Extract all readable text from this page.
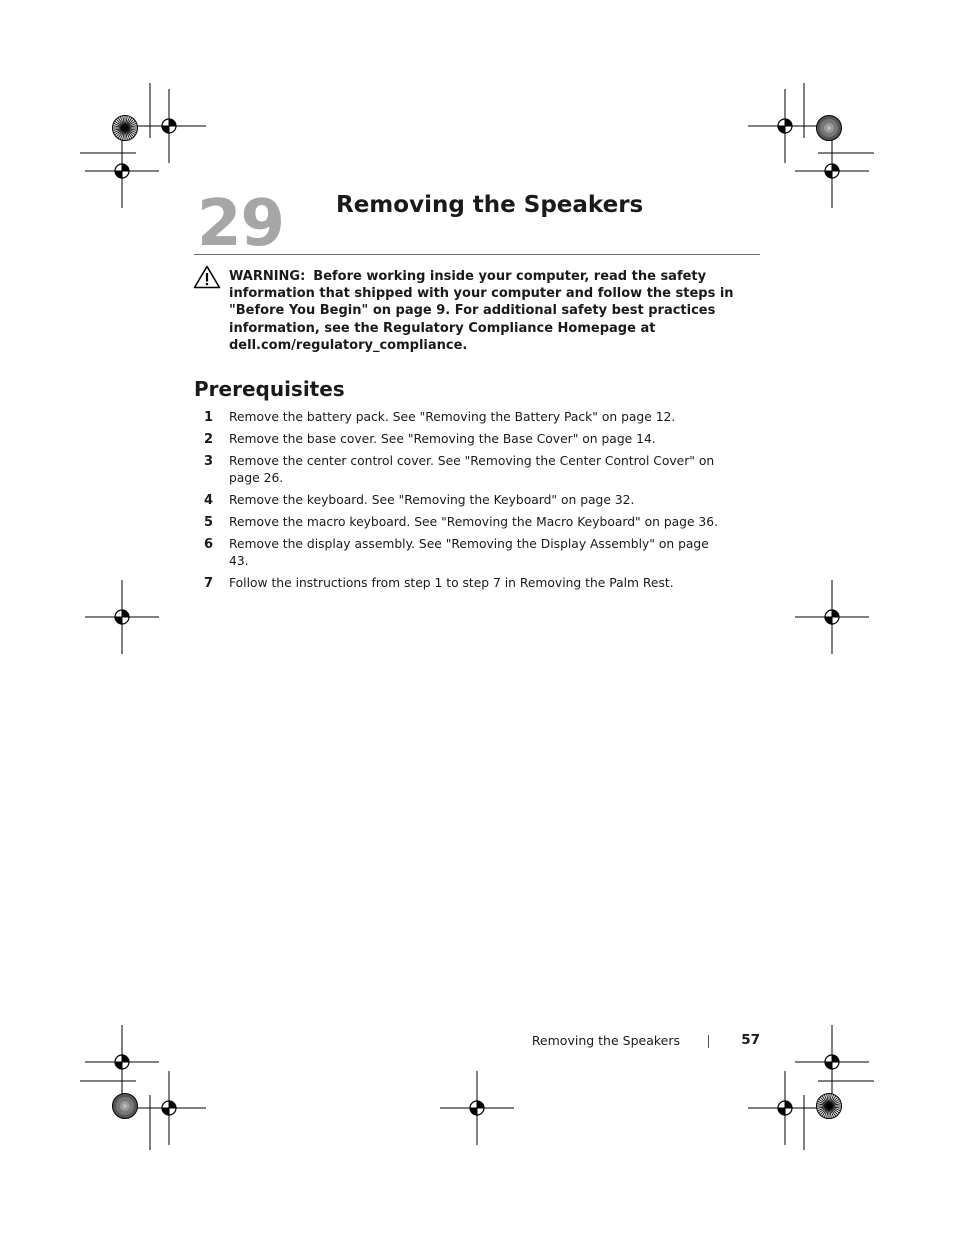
29 Removing the Speakers
WARNING: Before working inside your computer, read the safety information that shipped with your computer and follow the steps in "Before You Begin" on page 9. For additional safety best practices information, see the Regulatory Compliance Homepage at dell.com/regulatory_compliance.
Prerequisites
1 Remove the battery pack. See "Removing the Battery Pack" on page 12.
2 Remove the base cover. See "Removing the Base Cover" on page 14.
3 Remove the center control cover. See "Removing the Center Control Cover" on page 26.
4 Remove the keyboard. See "Removing the Keyboard" on page 32.
5 Remove the macro keyboard. See "Removing the Macro Keyboard" on page 36.
6 Remove the display assembly. See "Removing the Display Assembly" on page 43.
7 Follow the instructions from step 1 to step 7 in Removing the Palm Rest.
Removing the Speakers	57
